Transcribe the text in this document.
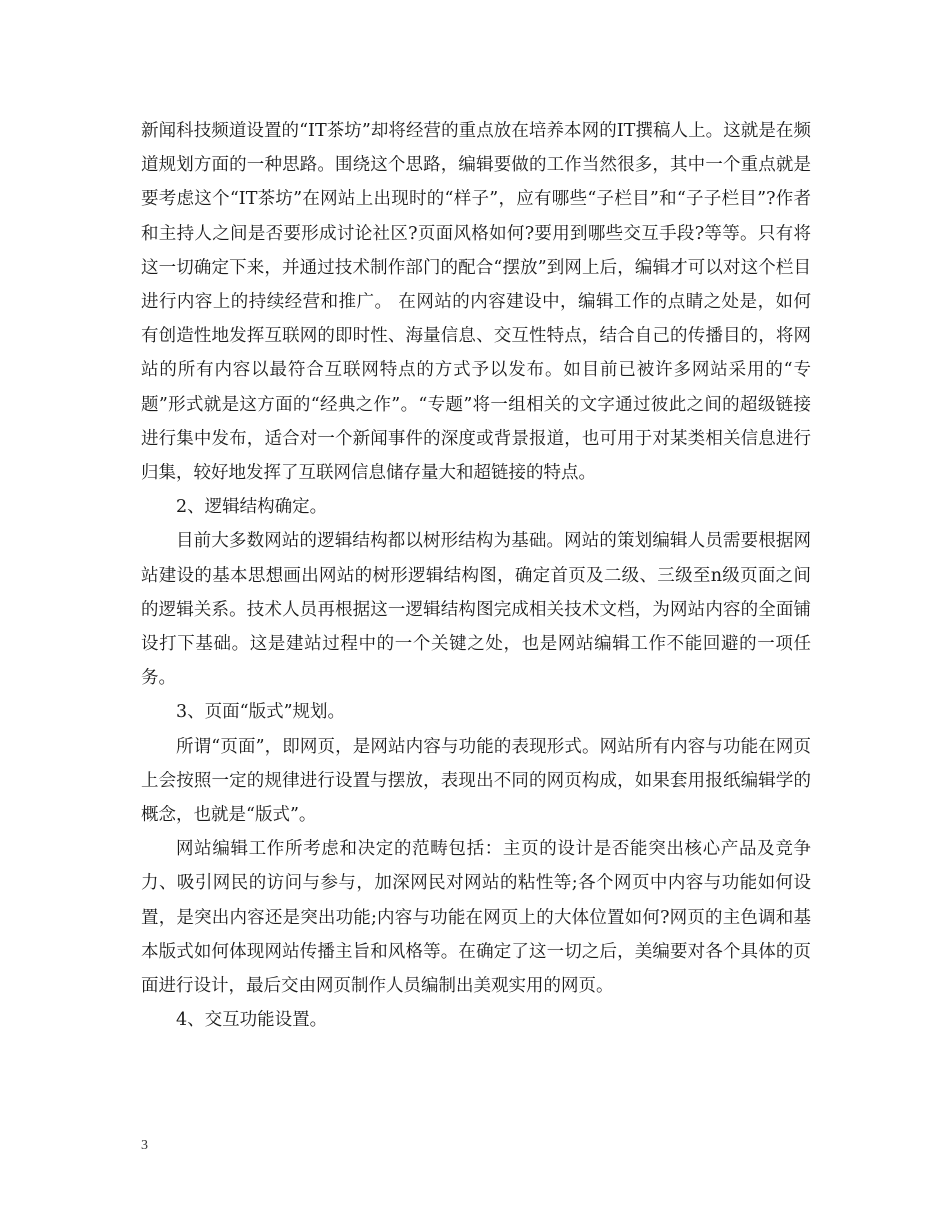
新闻科技频道设置的“IT茶坊”却将经营的重点放在培养本网的IT撰稿人上。这就是在频道规划方面的一种思路。围绕这个思路，编辑要做的工作当然很多，其中一个重点就是要考虑这个“IT茶坊”在网站上出现时的“样子”，应有哪些“子栏目”和“子子栏目”?作者和主持人之间是否要形成讨论社区?页面风格如何?要用到哪些交互手段?等等。只有将这一切确定下来，并通过技术制作部门的配合“摆放”到网上后，编辑才可以对这个栏目进行内容上的持续经营和推广。 在网站的内容建设中，编辑工作的点睛之处是，如何有创造性地发挥互联网的即时性、海量信息、交互性特点，结合自己的传播目的，将网站的所有内容以最符合互联网特点的方式予以发布。如目前已被许多网站采用的“专题”形式就是这方面的“经典之作”。“专题”将一组相关的文字通过彼此之间的超级链接进行集中发布，适合对一个新闻事件的深度或背景报道，也可用于对某类相关信息进行归集，较好地发挥了互联网信息储存量大和超链接的特点。

2、逻辑结构确定。

目前大多数网站的逻辑结构都以树形结构为基础。网站的策划编辑人员需要根据网站建设的基本思想画出网站的树形逻辑结构图，确定首页及二级、三级至n级页面之间的逻辑关系。技术人员再根据这一逻辑结构图完成相关技术文档，为网站内容的全面铺设打下基础。这是建站过程中的一个关键之处，也是网站编辑工作不能回避的一项任务。

3、页面“版式”规划。

所谓“页面”，即网页，是网站内容与功能的表现形式。网站所有内容与功能在网页上会按照一定的规律进行设置与摆放，表现出不同的网页构成，如果套用报纸编辑学的概念，也就是“版式”。

网站编辑工作所考虑和决定的范畴包括：主页的设计是否能突出核心产品及竞争力、吸引网民的访问与参与，加深网民对网站的粘性等;各个网页中内容与功能如何设置，是突出内容还是突出功能;内容与功能在网页上的大体位置如何?网页的主色调和基本版式如何体现网站传播主旨和风格等。在确定了这一切之后，美编要对各个具体的页面进行设计，最后交由网页制作人员编制出美观实用的网页。

4、交互功能设置。

3
